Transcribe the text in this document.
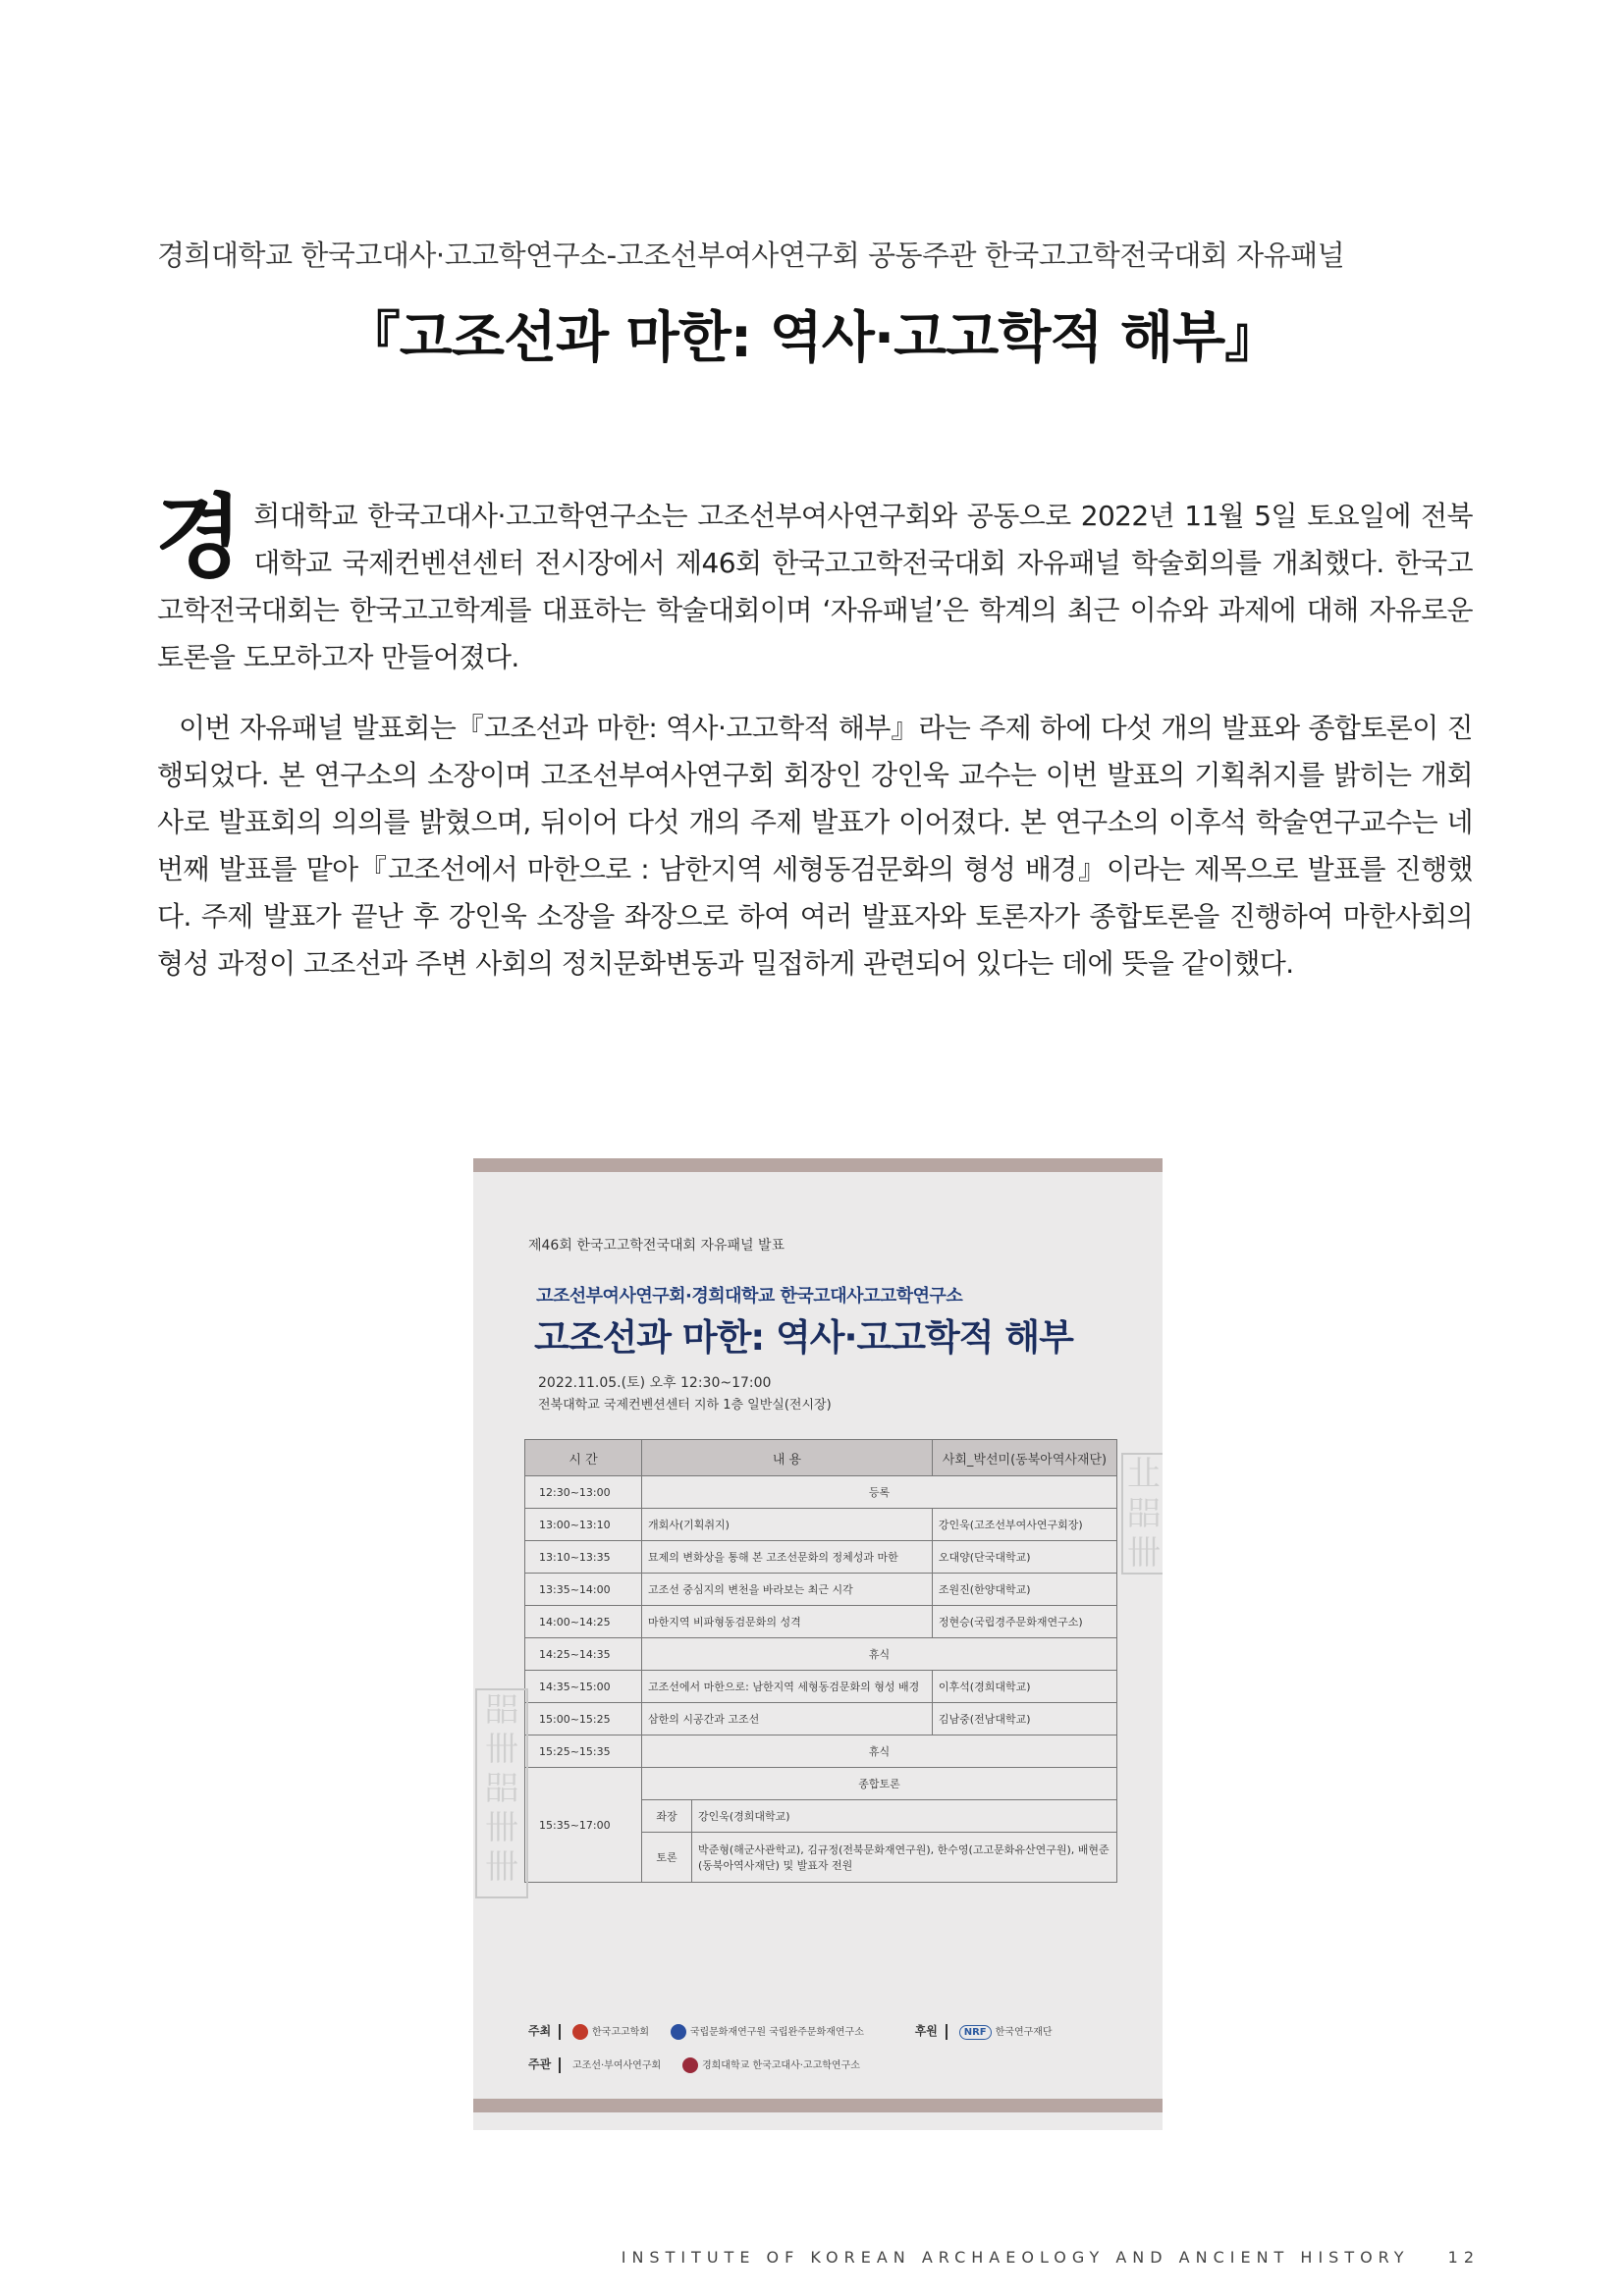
경희대학교 한국고대사·고고학연구소-고조선부여사연구회 공동주관 한국고고학전국대회 자유패널
『고조선과 마한: 역사·고고학적 해부』

경희대학교 한국고대사·고고학연구소는 고조선부여사연구회와 공동으로 2022년 11월 5일 토요일에 전북대학교 국제컨벤션센터 전시장에서 제46회 한국고고학전국대회 자유패널 학술회의를 개최했다. 한국고고학전국대회는 한국고고학계를 대표하는 학술대회이며 ‘자유패널’은 학계의 최근 이슈와 과제에 대해 자유로운 토론을 도모하고자 만들어졌다.

이번 자유패널 발표회는『고조선과 마한: 역사·고고학적 해부』라는 주제 하에 다섯 개의 발표와 종합토론이 진행되었다. 본 연구소의 소장이며 고조선부여사연구회 회장인 강인욱 교수는 이번 발표의 기획취지를 밝히는 개회사로 발표회의 의의를 밝혔으며, 뒤이어 다섯 개의 주제 발표가 이어졌다. 본 연구소의 이후석 학술연구교수는 네 번째 발표를 맡아『고조선에서 마한으로 : 남한지역 세형동검문화의 형성 배경』이라는 제목으로 발표를 진행했다. 주제 발표가 끝난 후 강인욱 소장을 좌장으로 하여 여러 발표자와 토론자가 종합토론을 진행하여 마한사회의 형성 과정이 고조선과 주변 사회의 정치문화변동과 밀접하게 관련되어 있다는 데에 뜻을 같이했다.

제46회 한국고고학전국대회 자유패널 발표
고조선부여사연구회·경희대학교 한국고대사고고학연구소
고조선과 마한: 역사·고고학적 해부
2022.11.05.(토) 오후 12:30~17:00
전북대학교 국제컨벤션센터 지하 1층 일반실(전시장)
시 간	내 용	사회_박선미(동북아역사재단)
12:30~13:00	등록
13:00~13:10	개회사(기획취지)	강인욱(고조선부여사연구회장)
13:10~13:35	묘제의 변화상을 통해 본 고조선문화의 정체성과 마한	오대양(단국대학교)
13:35~14:00	고조선 중심지의 변천을 바라보는 최근 시각	조원진(한양대학교)
14:00~14:25	마한지역 비파형동검문화의 성격	정현승(국립경주문화재연구소)
14:25~14:35	휴식
14:35~15:00	고조선에서 마한으로: 남한지역 세형동검문화의 형성 배경	이후석(경희대학교)
15:00~15:25	삼한의 시공간과 고조선	김남중(전남대학교)
15:25~15:35	휴식
15:35~17:00	종합토론

좌장	강인욱(경희대학교)

토론	박준형(해군사관학교), 김규정(전북문화재연구원), 한수영(고고문화유산연구원), 배현준(동북아역사재단) 및 발표자 전원
㐀
㗊
卌
㗊
卌
㗊
卌
卌
주최	한국고고학회	국립문화재연구원 국립완주문화재연구소	후원	NRF 한국연구재단
주관 고조선·부여사연구회	경희대학교 한국고대사·고고학연구소
INSTITUTE OF KOREAN ARCHAEOLOGY AND ANCIENT HISTORY 12
